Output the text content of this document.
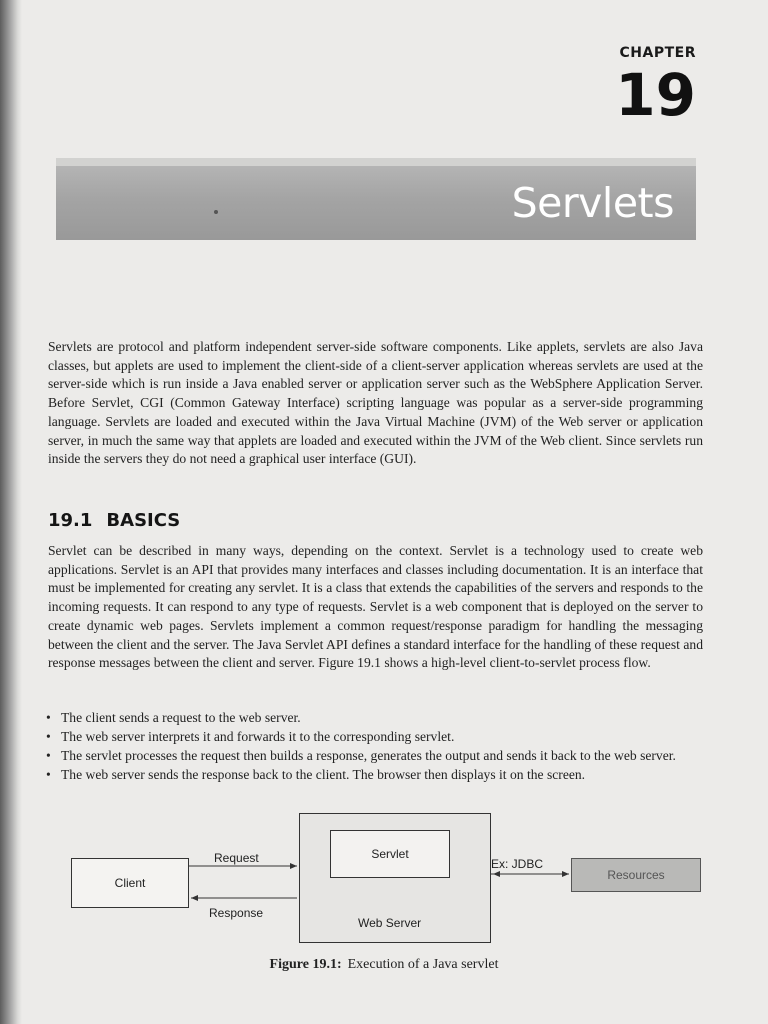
CHAPTER
19
Servlets

Servlets are protocol and platform independent server-side software components. Like applets, servlets are also Java classes, but applets are used to implement the client-side of a client-server application whereas servlets are used at the server-side which is run inside a Java enabled server or application server such as the WebSphere Application Server. Before Servlet, CGI (Common Gateway Interface) scripting language was popular as a server-side programming language. Servlets are loaded and executed within the Java Virtual Machine (JVM) of the Web server or application server, in much the same way that applets are loaded and executed within the JVM of the Web client. Since servlets run inside the servers they do not need a graphical user interface (GUI).

19.1 BASICS

Servlet can be described in many ways, depending on the context. Servlet is a technology used to create web applications. Servlet is an API that provides many interfaces and classes including documentation. It is an interface that must be implemented for creating any servlet. It is a class that extends the capabilities of the servers and responds to the incoming requests. It can respond to any type of requests. Servlet is a web component that is deployed on the server to create dynamic web pages. Servlets implement a common request/response paradigm for handling the messaging between the client and the server. The Java Servlet API defines a standard interface for the handling of these request and response messages between the client and server. Figure 19.1 shows a high-level client-to-servlet process flow.

• The client sends a request to the web server.
• The web server interprets it and forwards it to the corresponding servlet.
• The servlet processes the request then builds a response, generates the output and sends it back to the web server.
• The web server sends the response back to the client. The browser then displays it on the screen.
Web Server
Servlet
Client
Resources
Request
Response
Ex: JDBC

Figure 19.1: Execution of a Java servlet
